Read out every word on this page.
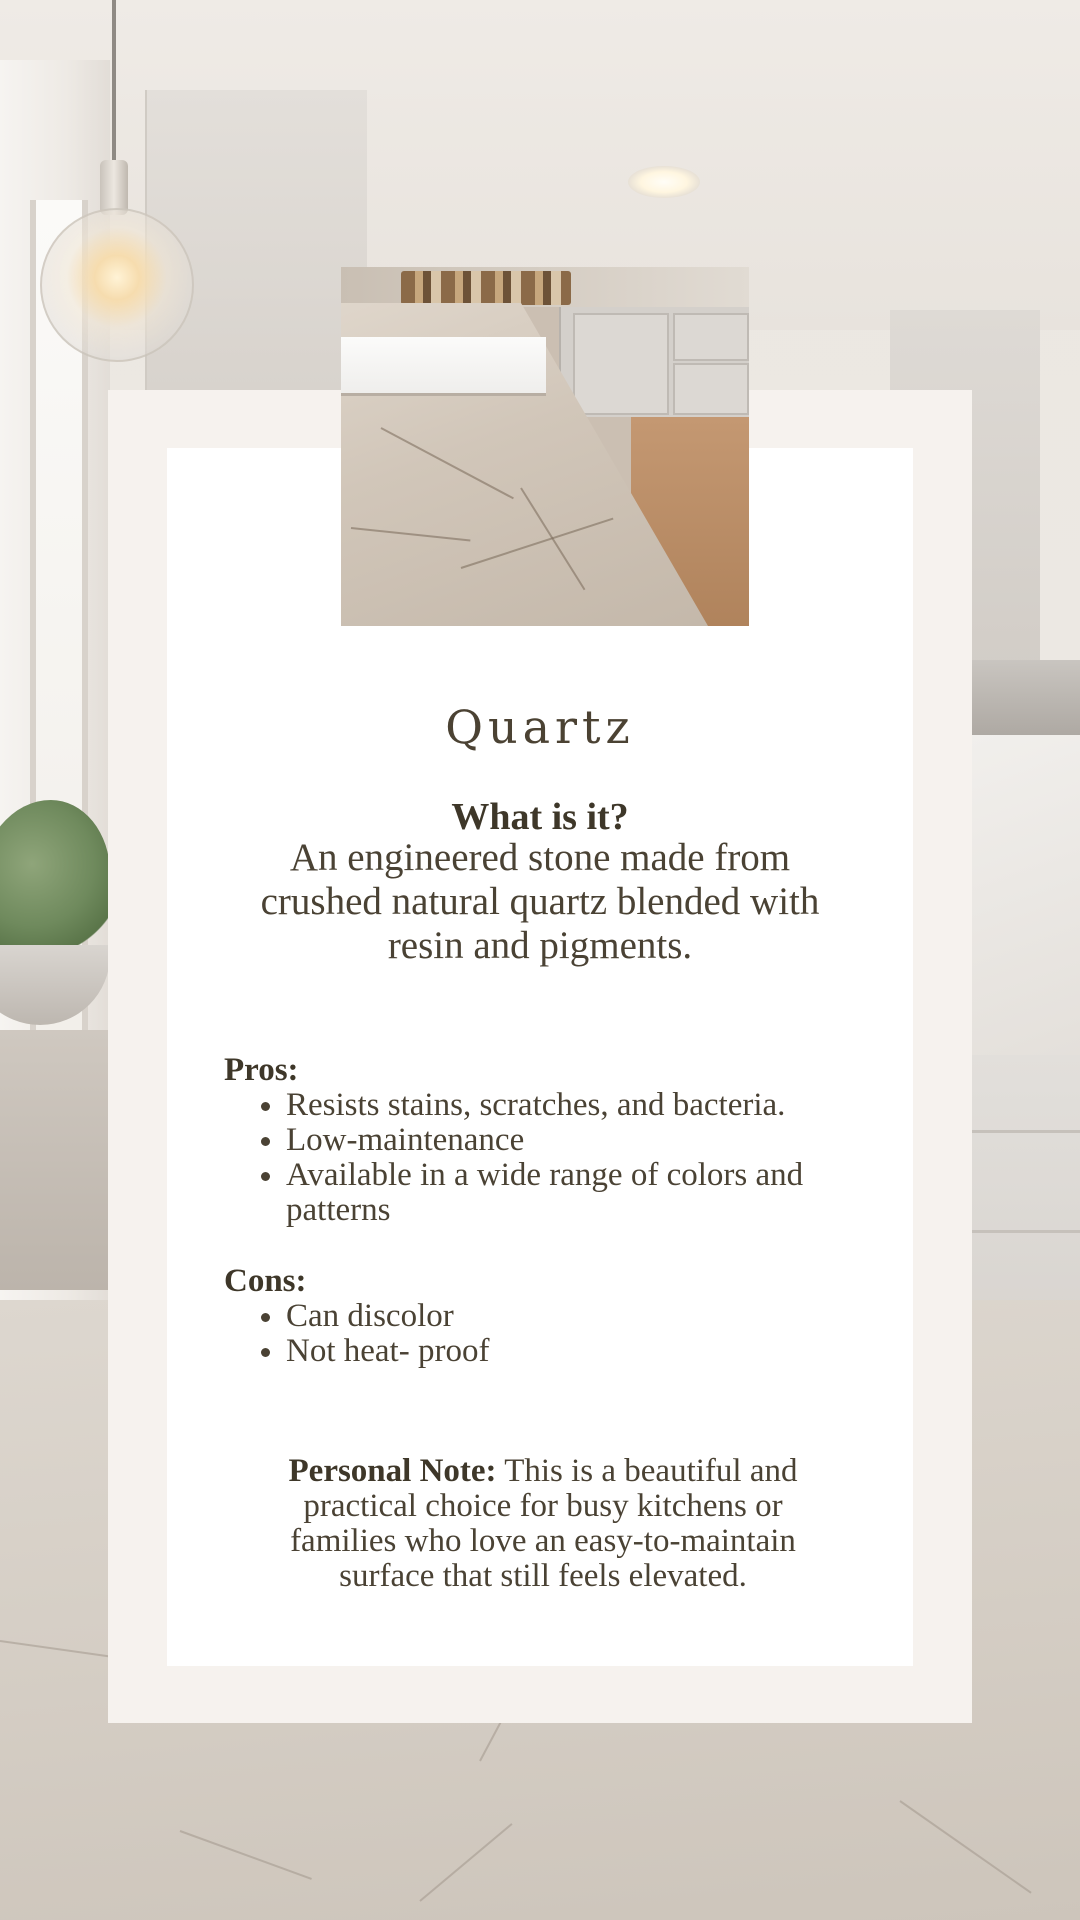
Quartz
What is it?
An engineered stone made from crushed natural quartz blended with resin and pigments.

Pros:

• Resists stains, scratches, and bacteria.
• Low-maintenance
• Available in a wide range of colors and patterns

Cons:

• Can discolor
• Not heat- proof
Personal Note: This is a beautiful and practical choice for busy kitchens or families who love an easy-to-maintain surface that still feels elevated.
